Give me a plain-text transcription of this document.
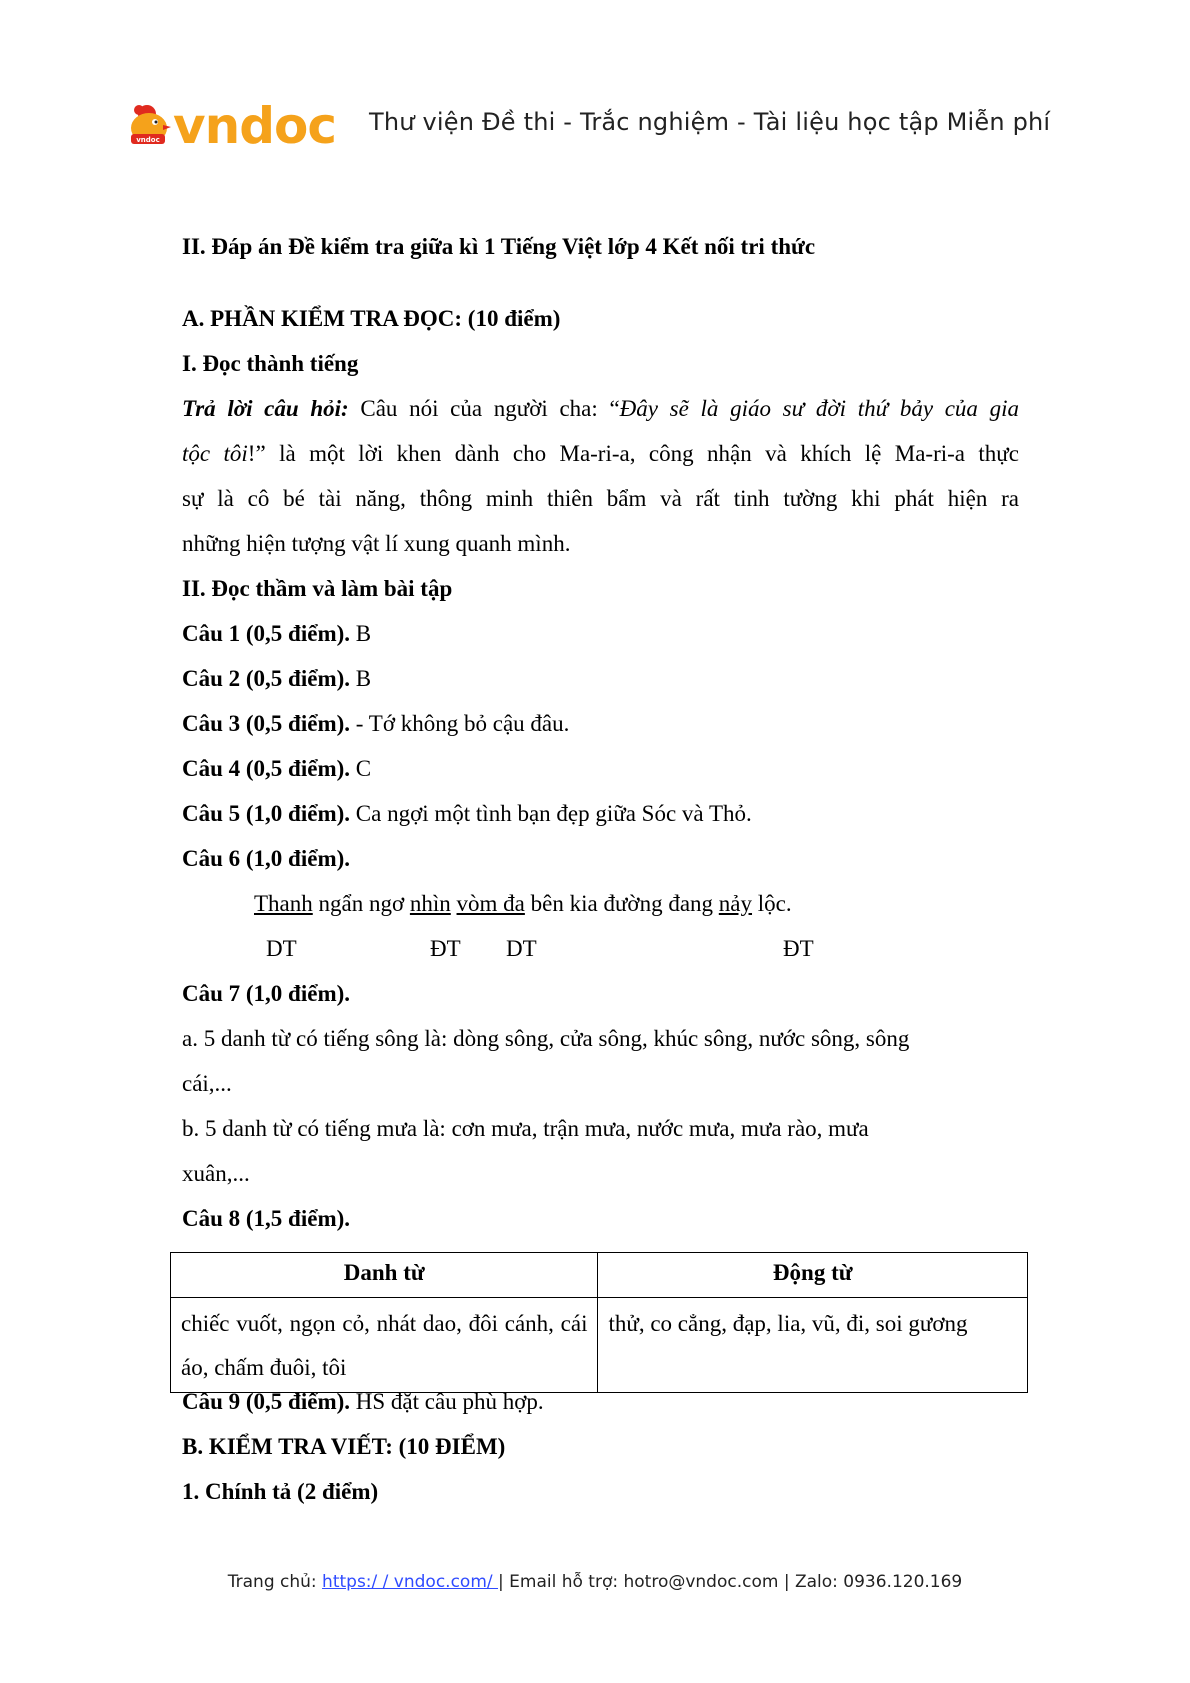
vndoc vndoc Thư viện Đề thi - Trắc nghiệm - Tài liệu học tập Miễn phí
II. Đáp án Đề kiểm tra giữa kì 1 Tiếng Việt lớp 4 Kết nối tri thức
A. PHẦN KIỂM TRA ĐỌC: (10 điểm)
I. Đọc thành tiếng
Trả lời câu hỏi: Câu nói của người cha: “Đây sẽ là giáo sư đời thứ bảy của gia
tộc tôi!” là một lời khen dành cho Ma-ri-a, công nhận và khích lệ Ma-ri-a thực
sự là cô bé tài năng, thông minh thiên bẩm và rất tinh tường khi phát hiện ra
những hiện tượng vật lí xung quanh mình.
II. Đọc thầm và làm bài tập
Câu 1 (0,5 điểm). B
Câu 2 (0,5 điểm). B
Câu 3 (0,5 điểm). - Tớ không bỏ cậu đâu.
Câu 4 (0,5 điểm). C
Câu 5 (1,0 điểm). Ca ngợi một tình bạn đẹp giữa Sóc và Thỏ.
Câu 6 (1,0 điểm).
Thanh ngẩn ngơ nhìn vòm đa bên kia đường đang nảy lộc.
DT	ĐT DT	ĐT
Câu 7 (1,0 điểm).
a. 5 danh từ có tiếng sông là: dòng sông, cửa sông, khúc sông, nước sông, sông
cái,...
b. 5 danh từ có tiếng mưa là: cơn mưa, trận mưa, nước mưa, mưa rào, mưa
xuân,...
Câu 8 (1,5 điểm).
Câu 9 (0,5 điểm). HS đặt câu phù hợp.
B. KIỂM TRA VIẾT: (10 ĐIỂM)
1. Chính tả (2 điểm)
Danh từ	Động từ
chiếc vuốt, ngọn cỏ, nhát dao, đôi cánh, cái áo, chấm đuôi, tôi	thử, co cẳng, đạp, lia, vũ, đi, soi gương
Trang chủ: https:/ / vndoc.com/ | Email hỗ trợ: hotro@vndoc.com | Zalo: 0936.120.169
